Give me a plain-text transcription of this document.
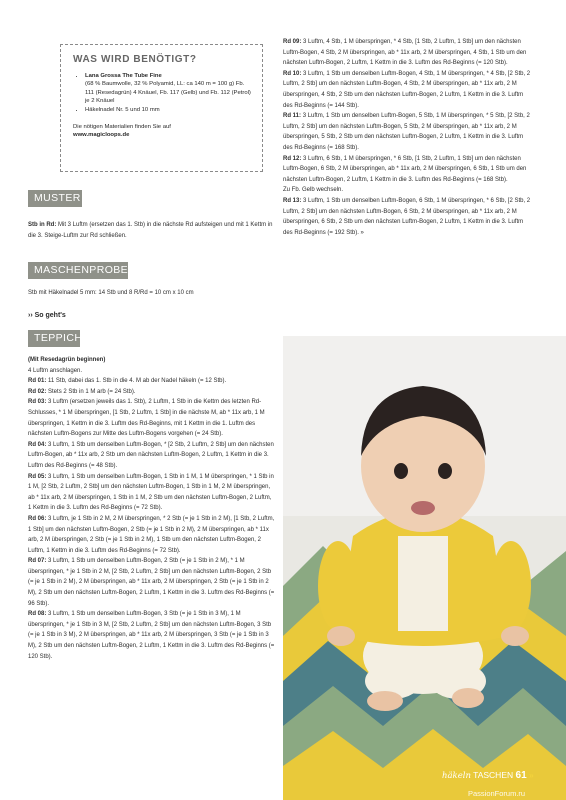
WAS WIRD BENÖTIGT?
• Lana Grossa The Tube Fine
(68 % Baumwolle, 32 % Polyamid, LL: ca 140 m = 100 g) Fb. 111 (Resedagrün) 4 Knäuel, Fb. 117 (Gelb) und Fb. 112 (Petrol) je 2 Knäuel
• Häkelnadel Nr. 5 und 10 mm
Die nötigen Materialien finden Sie auf
www.magicloops.de
MUSTER
Stb in Rd: Mit 3 Luftm (ersetzen das 1. Stb) in die nächste Rd aufsteigen und mit 1 Kettm in die 3. Steige-Luftm zur Rd schließen.
MASCHENPROBE
Stb mit Häkelnadel 5 mm: 14 Stb und 8 R/Rd = 10 cm x 10 cm
›› So geht's
TEPPICH
(Mit Resedagrün beginnen)
4 Luftm anschlagen.
Rd 01: 11 Stb, dabei das 1. Stb in die 4. M ab der Nadel häkeln (= 12 Stb).
Rd 02: Stets 2 Stb in 1 M arb (= 24 Stb).
Rd 03: 3 Luftm (ersetzen jeweils das 1. Stb), 2 Luftm, 1 Stb in die Kettm des letzten Rd-Schlusses, * 1 M überspringen, [1 Stb, 2 Luftm, 1 Stb] in die nächste M, ab * 11x arb, 1 M überspringen, 1 Kettm in die 3. Luftm des Rd-Beginns, mit 1 Kettm in die 1. Luftm des nächsten Luftm-Bogens zur Mitte des Luftm-Bogens vorgehen (= 24 Stb).
Rd 04: 3 Luftm, 1 Stb um denselben Luftm-Bogen, * [2 Stb, 2 Luftm, 2 Stb] um den nächsten Luftm-Bogen, ab * 11x arb, 2 Stb um den nächsten Luftm-Bogen, 2 Luftm, 1 Kettm in die 3. Luftm des Rd-Beginns (= 48 Stb).
Rd 05: 3 Luftm, 1 Stb um denselben Luftm-Bogen, 1 Stb in 1 M, 1 M überspringen, * 1 Stb in 1 M, [2 Stb, 2 Luftm, 2 Stb] um den nächsten Luftm-Bogen, 1 Stb in 1 M, 2 M überspringen, ab * 11x arb, 2 M überspringen, 1 Stb in 1 M, 2 Stb um den nächsten Luftm-Bogen, 2 Luftm, 1 Kettm in die 3. Luftm des Rd-Beginns (= 72 Stb).
Rd 06: 3 Luftm, je 1 Stb in 2 M, 2 M überspringen, * 2 Stb (= je 1 Stb in 2 M), [1 Stb, 2 Luftm, 1 Stb] um den nächsten Luftm-Bogen, 2 Stb (= je 1 Stb in 2 M), 2 M überspringen, ab * 11x arb, 2 M überspringen, 2 Stb (= je 1 Stb in 2 M), 1 Stb um den nächsten Luftm-Bogen, 2 Luftm, 1 Kettm in die 3. Luftm des Rd-Beginns (= 72 Stb).
Rd 07: 3 Luftm, 1 Stb um denselben Luftm-Bogen, 2 Stb (= je 1 Stb in 2 M), * 1 M überspringen, * je 1 Stb in 2 M, [2 Stb, 2 Luftm, 2 Stb] um den nächsten Luftm-Bogen, 2 Stb (= je 1 Stb in 2 M), 2 M überspringen, ab * 11x arb, 2 M überspringen, 2 Stb (= je 1 Stb in 2 M), 2 Stb um den nächsten Luftm-Bogen, 2 Luftm, 1 Kettm in die 3. Luftm des Rd-Beginns (= 96 Stb).
Rd 08: 3 Luftm, 1 Stb um denselben Luftm-Bogen, 3 Stb (= je 1 Stb in 3 M), 1 M überspringen, * je 1 Stb in 3 M, [2 Stb, 2 Luftm, 2 Stb] um den nächsten Luftm-Bogen, 3 Stb (= je 1 Stb in 3 M), 2 M überspringen, ab * 11x arb, 2 M überspringen, 3 Stb (= je 1 Stb in 3 M), 2 Stb um den nächsten Luftm-Bogen, 2 Luftm, 1 Kettm in die 3. Luftm des Rd-Beginns (= 120 Stb).
Rd 09: 3 Luftm, 4 Stb, 1 M überspringen, * 4 Stb, [1 Stb, 2 Luftm, 1 Stb] um den nächsten Luftm-Bogen, 4 Stb, 2 M überspringen, ab * 11x arb, 2 M überspringen, 4 Stb, 1 Stb um den nächsten Luftm-Bogen, 2 Luftm, 1 Kettm in die 3. Luftm des Rd-Beginns (= 120 Stb).
Rd 10: 3 Luftm, 1 Stb um denselben Luftm-Bogen, 4 Stb, 1 M überspringen, * 4 Stb, [2 Stb, 2 Luftm, 2 Stb] um den nächsten Luftm-Bogen, 4 Stb, 2 M überspringen, ab * 11x arb, 2 M überspringen, 4 Stb, 2 Stb um den nächsten Luftm-Bogen, 2 Luftm, 1 Kettm in die 3. Luftm des Rd-Beginns (= 144 Stb).
Rd 11: 3 Luftm, 1 Stb um denselben Luftm-Bogen, 5 Stb, 1 M überspringen, * 5 Stb, [2 Stb, 2 Luftm, 2 Stb] um den nächsten Luftm-Bogen, 5 Stb, 2 M überspringen, ab * 11x arb, 2 M überspringen, 5 Stb, 2 Stb um den nächsten Luftm-Bogen, 2 Luftm, 1 Kettm in die 3. Luftm des Rd-Beginns (= 168 Stb).
Rd 12: 3 Luftm, 6 Stb, 1 M überspringen, * 6 Stb, [1 Stb, 2 Luftm, 1 Stb] um den nächsten Luftm-Bogen, 6 Stb, 2 M überspringen, ab * 11x arb, 2 M überspringen, 6 Stb, 1 Stb um den nächsten Luftm-Bogen, 2 Luftm, 1 Kettm in die 3. Luftm des Rd-Beginns (= 168 Stb).
Zu Fb. Gelb wechseln.
Rd 13: 3 Luftm, 1 Stb um denselben Luftm-Bogen, 6 Stb, 1 M überspringen, * 6 Stb, [2 Stb, 2 Luftm, 2 Stb] um den nächsten Luftm-Bogen, 6 Stb, 2 M überspringen, ab * 11x arb, 2 M überspringen, 6 Stb, 2 Stb um den nächsten Luftm-Bogen, 2 Luftm, 1 Kettm in die 3. Luftm des Rd-Beginns (= 192 Stb). »
häkeln TASCHEN 61 »
PassionForum.ru
